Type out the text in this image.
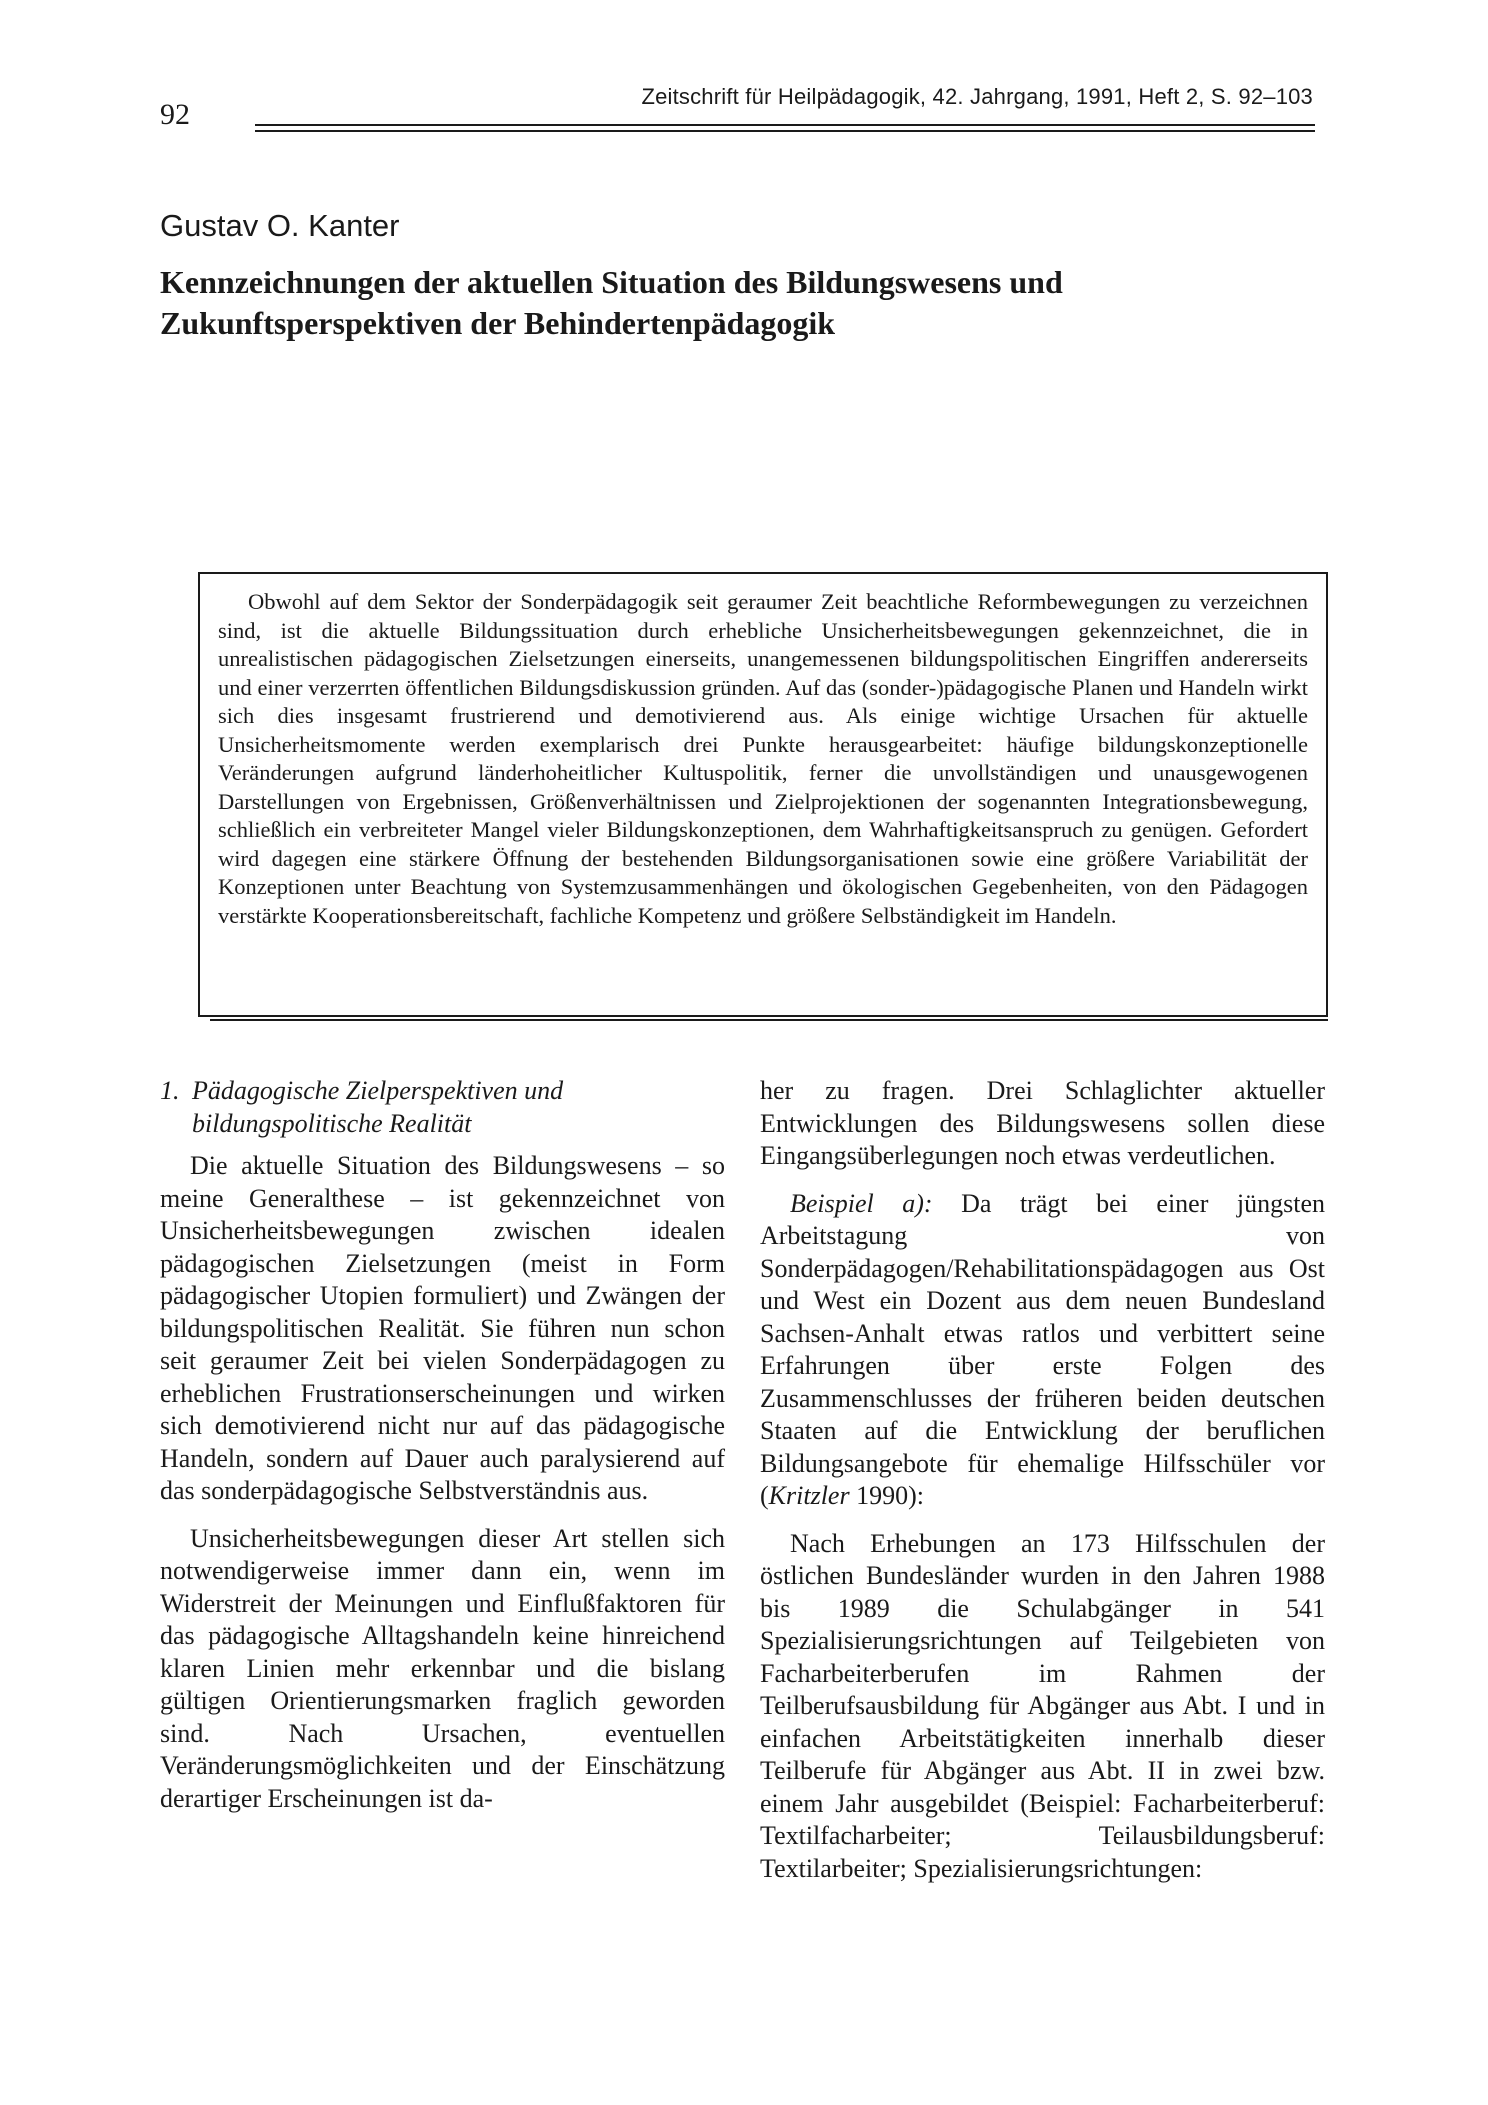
92
Zeitschrift für Heilpädagogik, 42. Jahrgang, 1991, Heft 2, S. 92–103
Gustav O. Kanter
Kennzeichnungen der aktuellen Situation des Bildungswesens und
Zukunftsperspektiven der Behindertenpädagogik

Obwohl auf dem Sektor der Sonderpädagogik seit geraumer Zeit beachtliche Reformbewegungen zu verzeichnen sind, ist die aktuelle Bildungssituation durch erhebliche Unsicherheitsbewegungen gekennzeichnet, die in unrealistischen pädagogischen Zielsetzungen einerseits, unangemessenen bildungspolitischen Eingriffen andererseits und einer verzerrten öffentlichen Bildungsdiskussion gründen. Auf das (sonder-)pädagogische Planen und Handeln wirkt sich dies insgesamt frustrierend und demotivierend aus. Als einige wichtige Ursachen für aktuelle Unsicherheitsmomente werden exemplarisch drei Punkte herausgearbeitet: häufige bildungskonzeptionelle Veränderungen aufgrund länderhoheitlicher Kultuspolitik, ferner die unvollständigen und unausgewogenen Darstellungen von Ergebnissen, Größenverhältnissen und Zielprojektionen der sogenannten Integrationsbewegung, schließlich ein verbreiteter Mangel vieler Bildungskonzeptionen, dem Wahrhaftigkeitsanspruch zu genügen. Gefordert wird dagegen eine stärkere Öffnung der bestehenden Bildungsorganisationen sowie eine größere Variabilität der Konzeptionen unter Beachtung von Systemzusammenhängen und ökologischen Gegebenheiten, von den Pädagogen verstärkte Kooperationsbereitschaft, fachliche Kompetenz und größere Selbständigkeit im Handeln.

1. Pädagogische Zielperspektiven und bildungspolitische Realität

Die aktuelle Situation des Bildungswesens – so meine Generalthese – ist gekennzeichnet von Unsicherheitsbewegungen zwischen idealen pädagogischen Zielsetzungen (meist in Form pädagogischer Utopien formuliert) und Zwängen der bildungspolitischen Realität. Sie führen nun schon seit geraumer Zeit bei vielen Sonderpädagogen zu erheblichen Frustrationserscheinungen und wirken sich demotivierend nicht nur auf das pädagogische Handeln, sondern auf Dauer auch paralysierend auf das sonderpädagogische Selbstverständnis aus.

Unsicherheitsbewegungen dieser Art stellen sich notwendigerweise immer dann ein, wenn im Widerstreit der Meinungen und Einflußfaktoren für das pädagogische Alltagshandeln keine hinreichend klaren Linien mehr erkennbar und die bislang gültigen Orientierungsmarken fraglich geworden sind. Nach Ursachen, eventuellen Veränderungsmöglichkeiten und der Einschätzung derartiger Erscheinungen ist da-

her zu fragen. Drei Schlaglichter aktueller Entwicklungen des Bildungswesens sollen diese Eingangsüberlegungen noch etwas verdeutlichen.

Beispiel a): Da trägt bei einer jüngsten Arbeitstagung von Sonderpädagogen/Rehabilitationspädagogen aus Ost und West ein Dozent aus dem neuen Bundesland Sachsen-Anhalt etwas ratlos und verbittert seine Erfahrungen über erste Folgen des Zusammenschlusses der früheren beiden deutschen Staaten auf die Entwicklung der beruflichen Bildungsangebote für ehemalige Hilfsschüler vor (Kritzler 1990):

Nach Erhebungen an 173 Hilfsschulen der östlichen Bundesländer wurden in den Jahren 1988 bis 1989 die Schulabgänger in 541 Spezialisierungsrichtungen auf Teilgebieten von Facharbeiterberufen im Rahmen der Teilberufsausbildung für Abgänger aus Abt. I und in einfachen Arbeitstätigkeiten innerhalb dieser Teilberufe für Abgänger aus Abt. II in zwei bzw. einem Jahr ausgebildet (Beispiel: Facharbeiterberuf: Textilfacharbeiter; Teilausbildungsberuf: Textilarbeiter; Spezialisierungsrichtungen:
